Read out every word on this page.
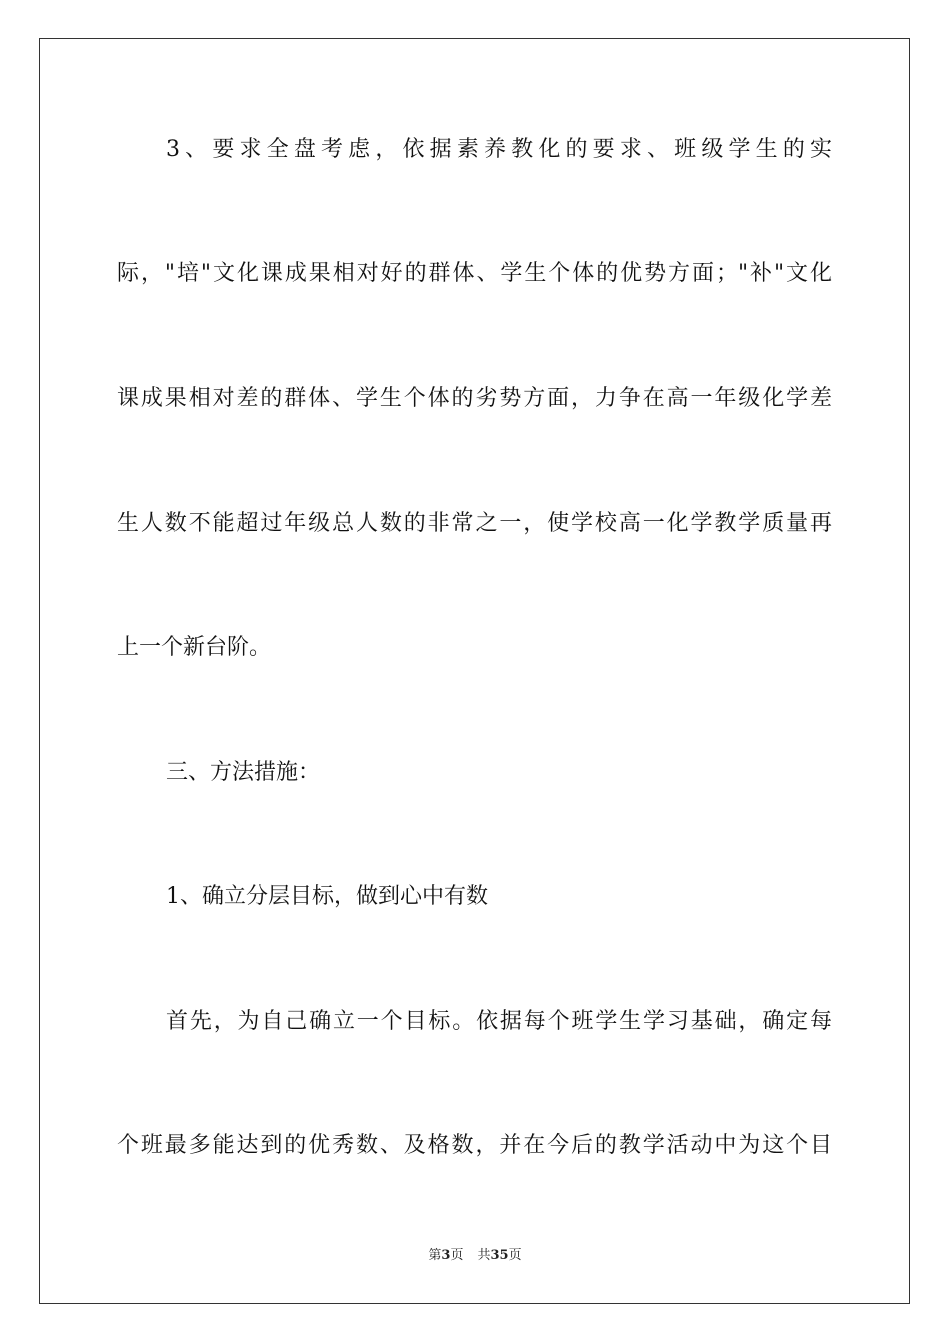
3、要求全盘考虑，依据素养教化的要求、班级学生的实
际，"培"文化课成果相对好的群体、学生个体的优势方面；"补"文化
课成果相对差的群体、学生个体的劣势方面，力争在高一年级化学差
生人数不能超过年级总人数的非常之一，使学校高一化学教学质量再
上一个新台阶。
三、方法措施：
1、确立分层目标，做到心中有数
首先，为自己确立一个目标。依据每个班学生学习基础，确定每
个班最多能达到的优秀数、及格数，并在今后的教学活动中为这个目
第3页 共35页
